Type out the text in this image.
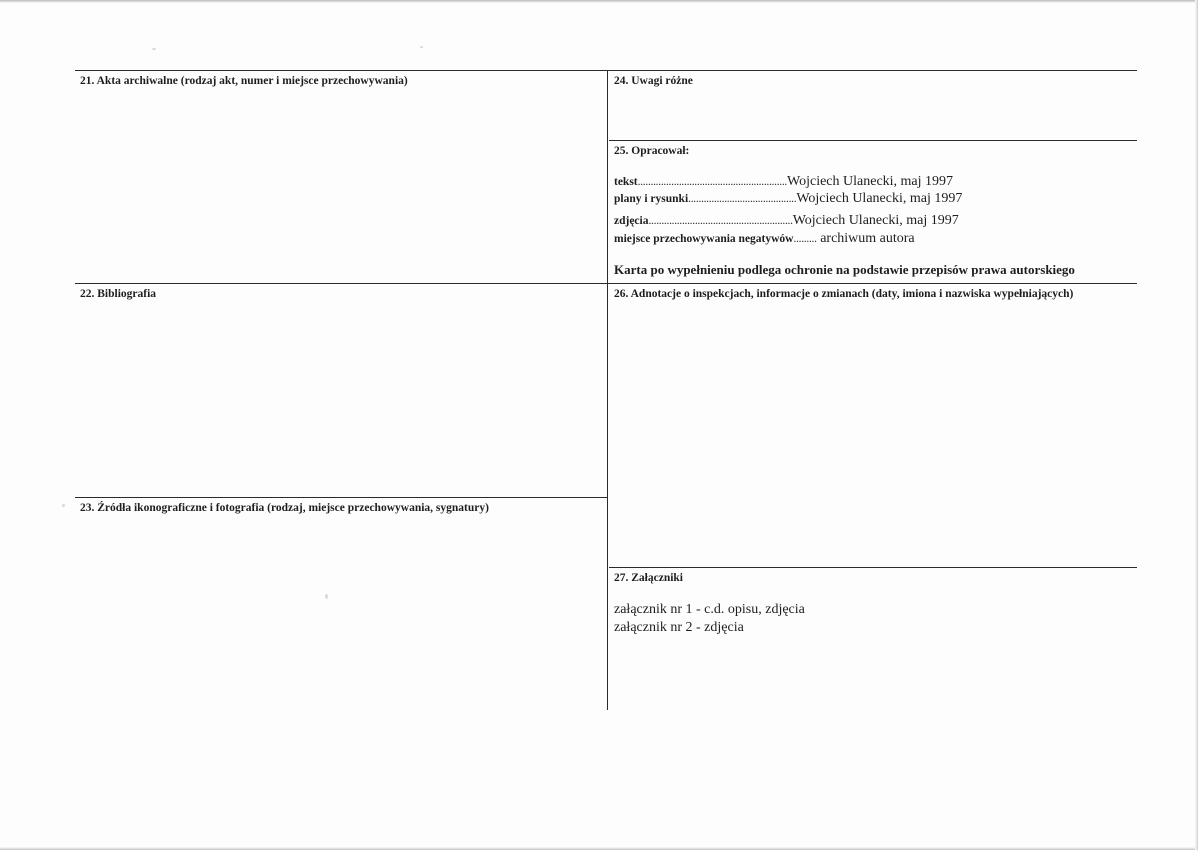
21. Akta archiwalne (rodzaj akt, numer i miejsce przechowywania)
22. Bibliografia
23. Źródła ikonograficzne i fotografia (rodzaj, miejsce przechowywania, sygnatury)
24. Uwagi różne
25. Opracował:
tekst .......................................................... Wojciech Ulanecki, maj 1997
plany i rysunki .......................................... Wojciech Ulanecki, maj 1997
zdjęcia ........................................................ Wojciech Ulanecki, maj 1997
miejsce przechowywania negatywów ......... archiwum autora
Karta po wypełnieniu podlega ochronie na podstawie przepisów prawa autorskiego
26. Adnotacje o inspekcjach, informacje o zmianach (daty, imiona i nazwiska wypełniających)
27. Załączniki
załącznik nr 1 - c.d. opisu, zdjęcia
załącznik nr 2 - zdjęcia
